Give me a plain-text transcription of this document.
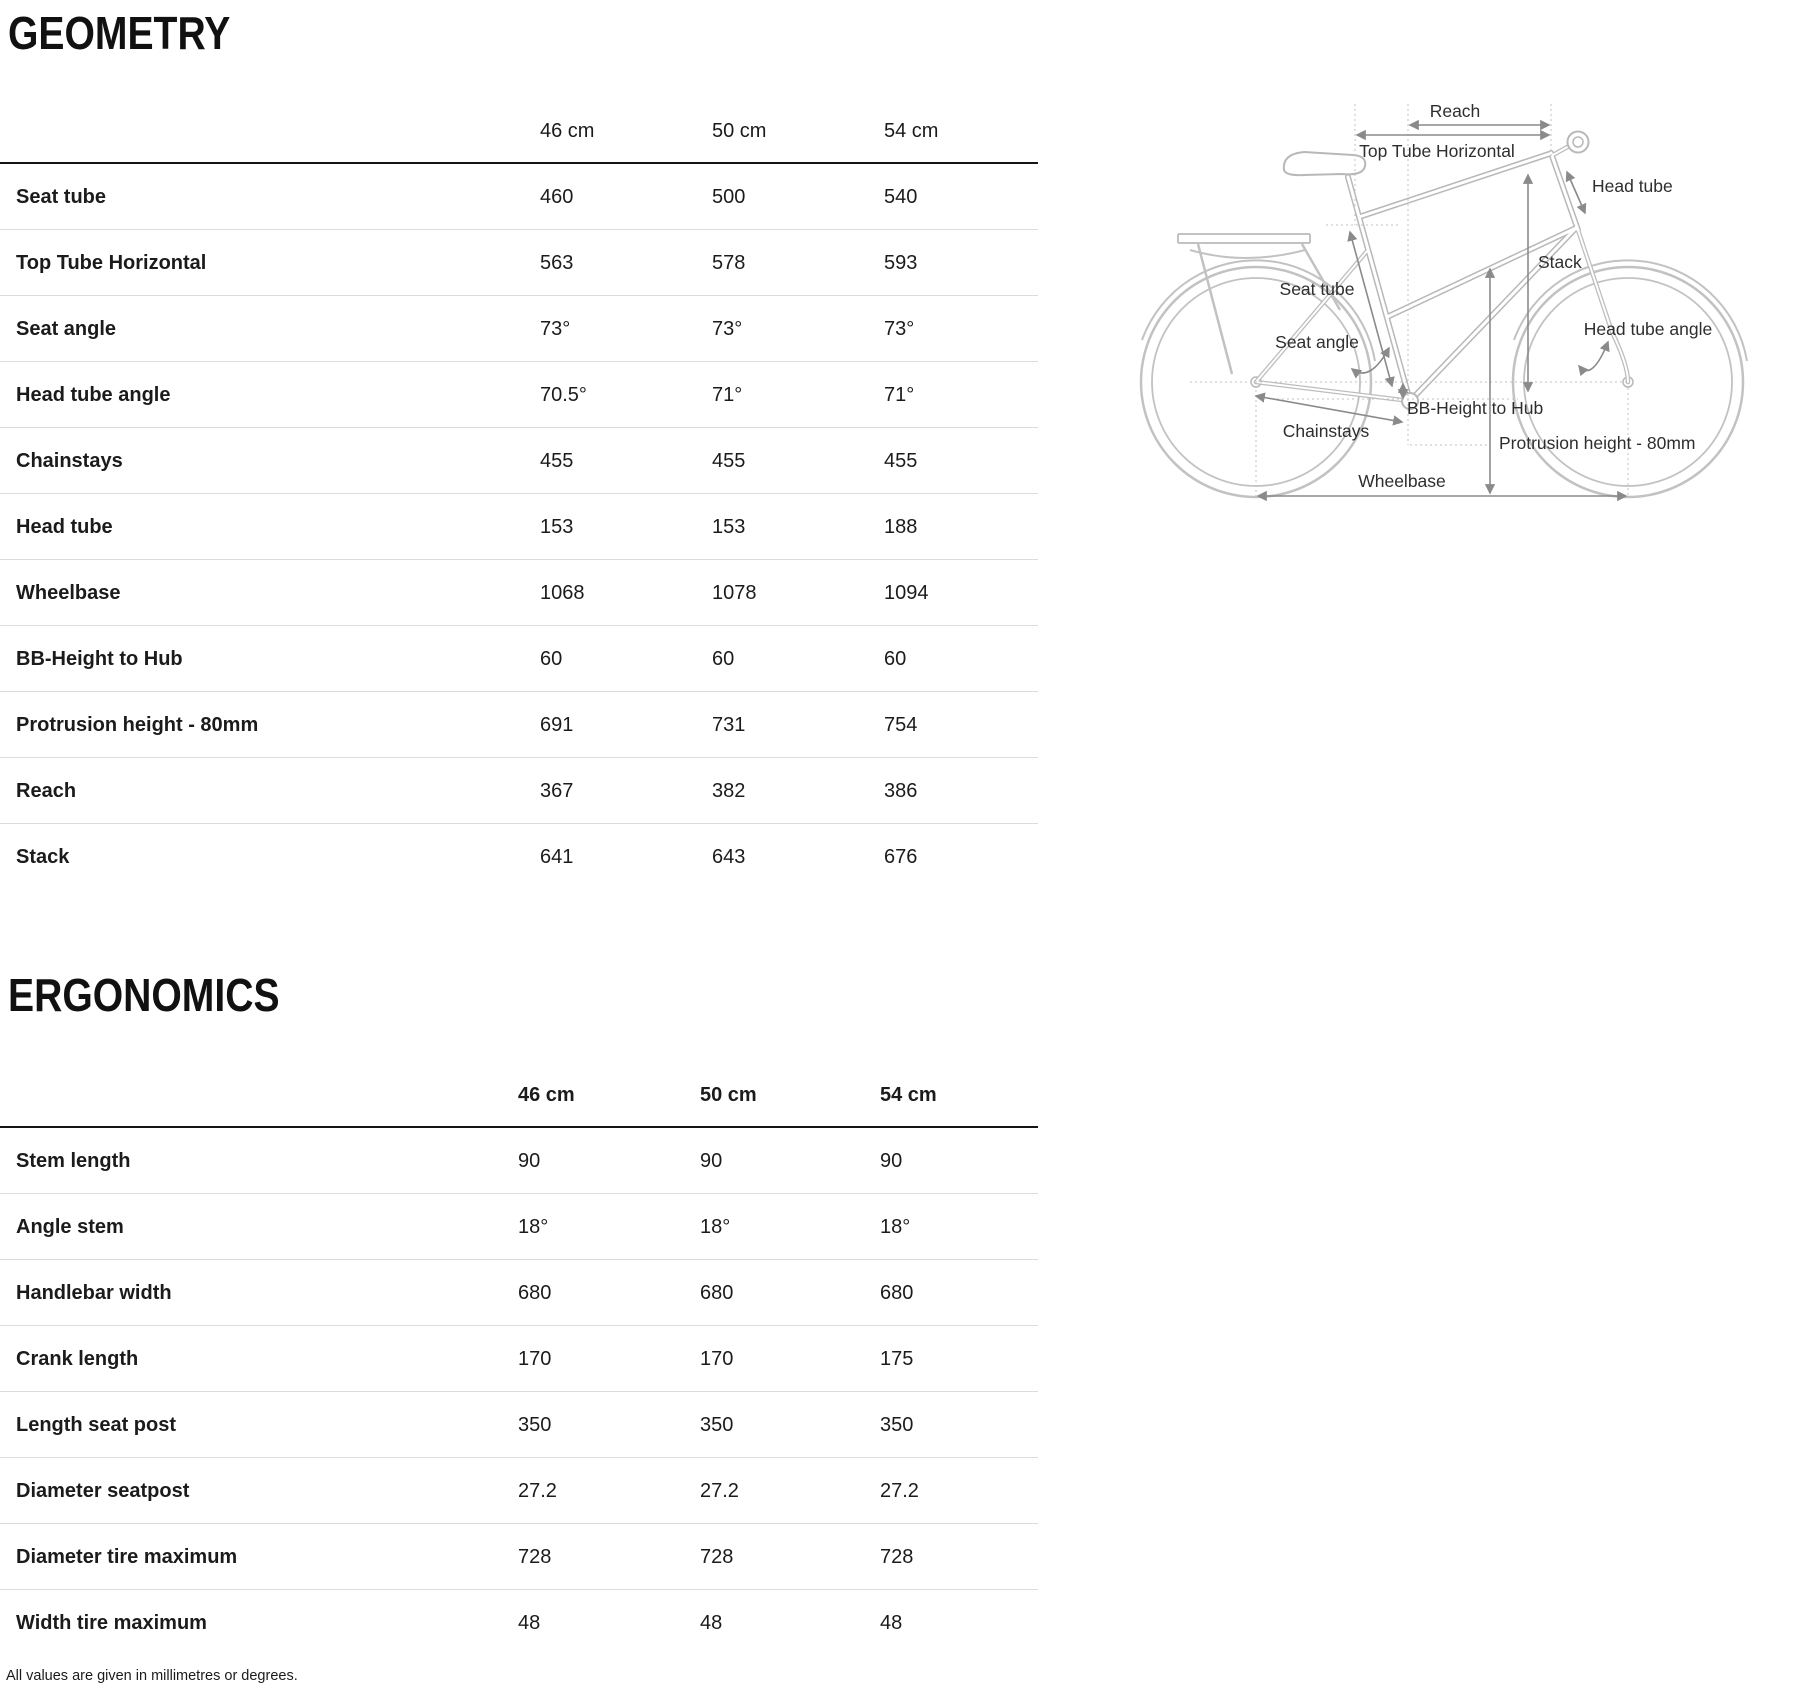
GEOMETRY
46 cm	50 cm	54 cm
Seat tube	460	500	540
Top Tube Horizontal	563	578	593
Seat angle	73°	73°	73°
Head tube angle	70.5°	71°	71°
Chainstays	455	455	455
Head tube	153	153	188
Wheelbase	1068	1078	1094
BB-Height to Hub	60	60	60
Protrusion height - 80mm	691	731	754
Reach	367	382	386
Stack	641	643	676
ERGONOMICS
46 cm	50 cm	54 cm
Stem length	90	90	90
Angle stem	18°	18°	18°
Handlebar width	680	680	680
Crank length	170	170	175
Length seat post	350	350	350
Diameter seatpost	27.2	27.2	27.2
Diameter tire maximum	728	728	728
Width tire maximum	48	48	48
Reach
Top Tube Horizontal
Head tube
Stack
Seat tube
Seat angle
Head tube angle
BB-Height to Hub
Chainstays
Protrusion height - 80mm
Wheelbase
All values are given in millimetres or degrees.
